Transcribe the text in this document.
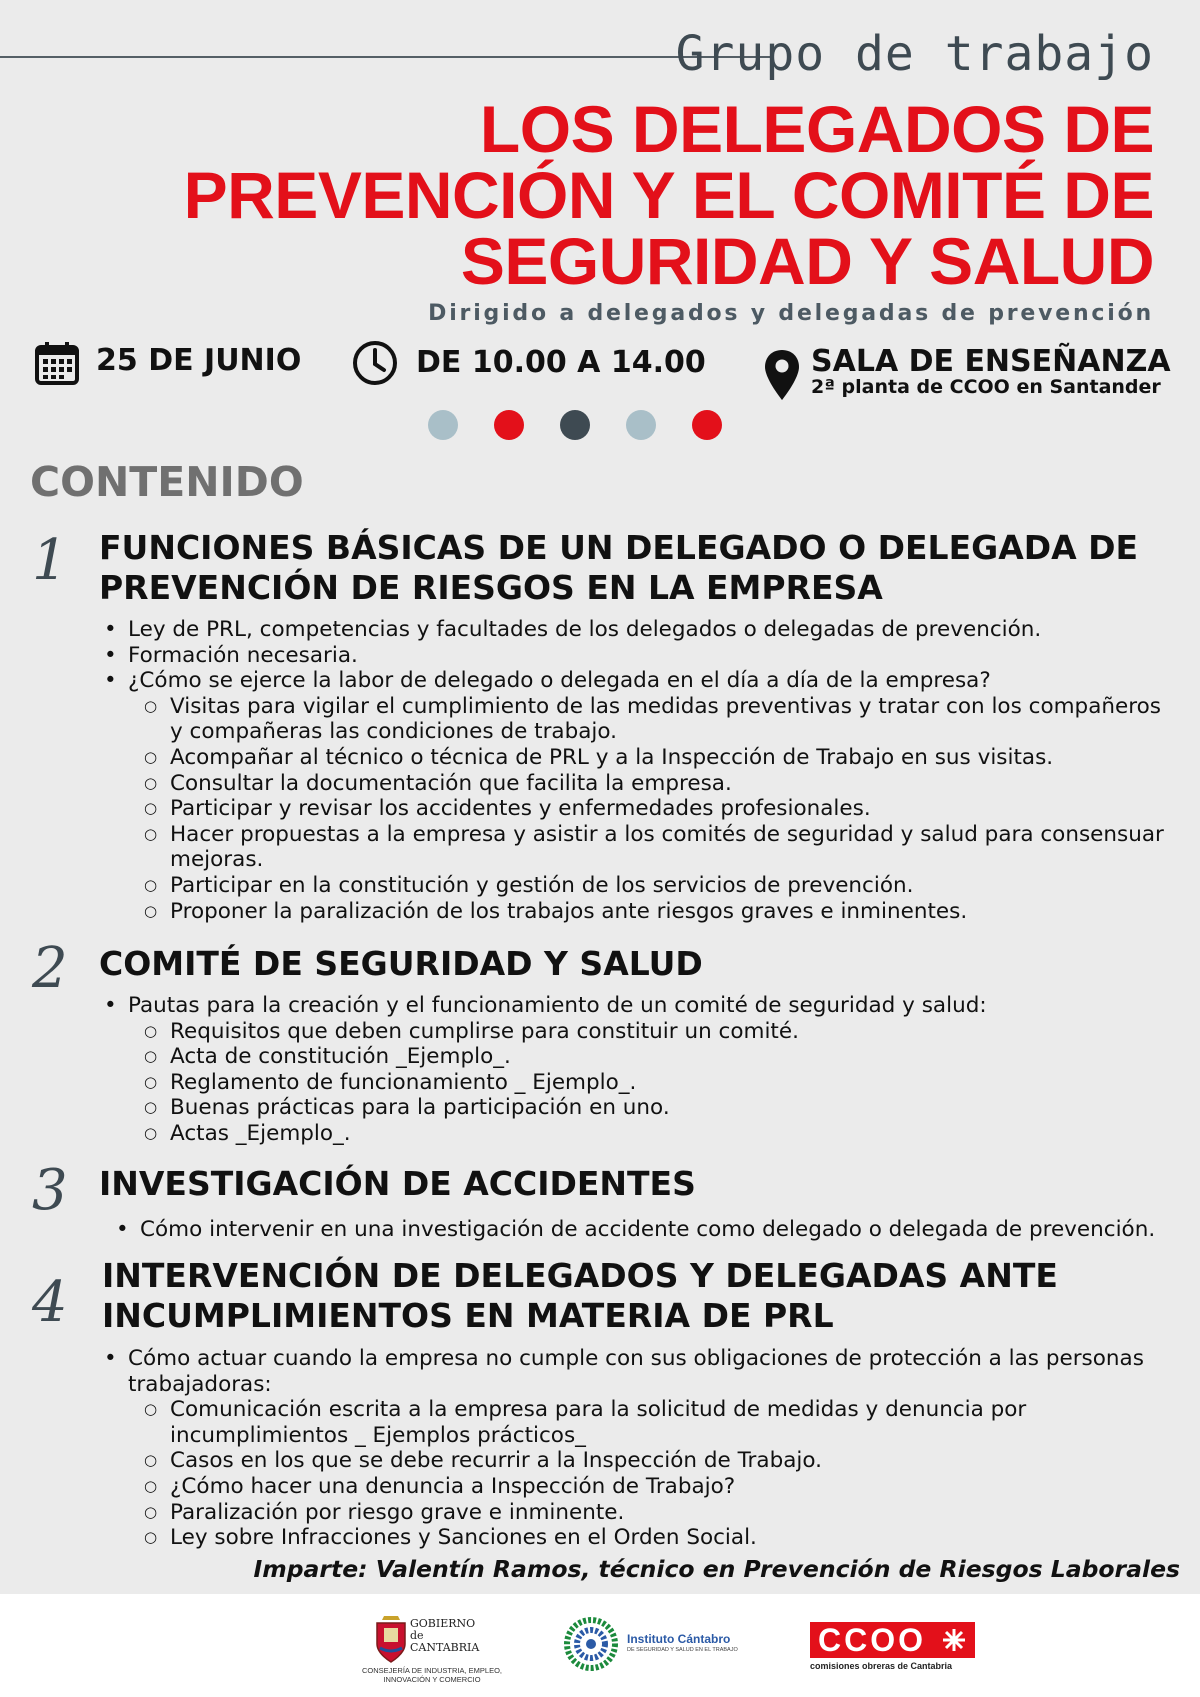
Grupo de trabajo
LOS DELEGADOS DE
PREVENCIÓN Y EL COMITÉ DE
SEGURIDAD Y SALUD
Dirigido a delegados y delegadas de prevención
25 DE JUNIO	DE 10.00 A 14.00	SALA DE ENSEÑANZA
2ª planta de CCOO en Santander
CONTENIDO
1 FUNCIONES BÁSICAS DE UN DELEGADO O DELEGADA DE
PREVENCIÓN DE RIESGOS EN LA EMPRESA
• Ley de PRL, competencias y facultades de los delegados o delegadas de prevención.
• Formación necesaria.
• ¿Cómo se ejerce la labor de delegado o delegada en el día a día de la empresa?
○ Visitas para vigilar el cumplimiento de las medidas preventivas y tratar con los compañeros y compañeras las condiciones de trabajo.
○ Acompañar al técnico o técnica de PRL y a la Inspección de Trabajo en sus visitas.
○ Consultar la documentación que facilita la empresa.
○ Participar y revisar los accidentes y enfermedades profesionales.
○ Hacer propuestas a la empresa y asistir a los comités de seguridad y salud para consensuar mejoras.
○ Participar en la constitución y gestión de los servicios de prevención.
○ Proponer la paralización de los trabajos ante riesgos graves e inminentes.
2 COMITÉ DE SEGURIDAD Y SALUD
• Pautas para la creación y el funcionamiento de un comité de seguridad y salud:
○ Requisitos que deben cumplirse para constituir un comité.
○ Acta de constitución _Ejemplo_.
○ Reglamento de funcionamiento _ Ejemplo_.
○ Buenas prácticas para la participación en uno.
○ Actas _Ejemplo_.
3 INVESTIGACIÓN DE ACCIDENTES
• Cómo intervenir en una investigación de accidente como delegado o delegada de prevención.
4 INTERVENCIÓN DE DELEGADOS Y DELEGADAS ANTE
INCUMPLIMIENTOS EN MATERIA DE PRL
• Cómo actuar cuando la empresa no cumple con sus obligaciones de protección a las personas trabajadoras:
○ Comunicación escrita a la empresa para la solicitud de medidas y denuncia por incumplimientos _ Ejemplos prácticos_
○ Casos en los que se debe recurrir a la Inspección de Trabajo.
○ ¿Cómo hacer una denuncia a Inspección de Trabajo?
○ Paralización por riesgo grave e inminente.
○ Ley sobre Infracciones y Sanciones en el Orden Social.
Imparte: Valentín Ramos, técnico en Prevención de Riesgos Laborales
GOBIERNO
de
CANTABRIA
CONSEJERÍA DE INDUSTRIA, EMPLEO,
INNOVACIÓN Y COMERCIO
Instituto Cántabro
DE SEGURIDAD Y SALUD EN EL TRABAJO	CCOO
comisiones obreras de Cantabria
